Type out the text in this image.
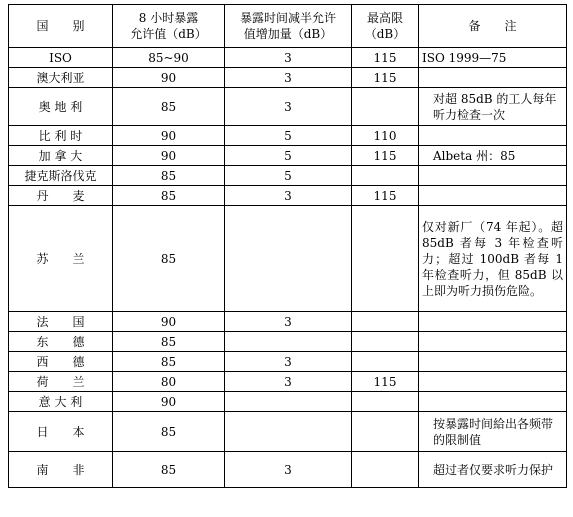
国　　别	8 小时暴露
允许值（dB）	暴露时间减半允许
值增加量（dB）	最高限
（dB）	备　　注
ISO	85~90	3	115	ISO 1999—75
澳大利亚	90	3	115	
奥 地 利	85	3		对超 85dB 的工人每年听力检查一次
比 利 时	90	5	110	
加 拿 大	90	5	115	Albeta 州：85
捷克斯洛伐克	85	5		
丹　　麦	85	3	115	
苏　　兰	85			仅对新厂（74 年起）。超 85dB 者每 3 年检查听力；超过 100dB 者每 1 年检查听力，但 85dB 以上即为听力损伤危险。
法　　国	90	3		
东　　德	85			
西　　德	85	3		
荷　　兰	80	3	115	
意 大 利	90			
日　　本	85			按暴露时间給出各频带的限制值
南　　非	85	3		超过者仅要求听力保护
